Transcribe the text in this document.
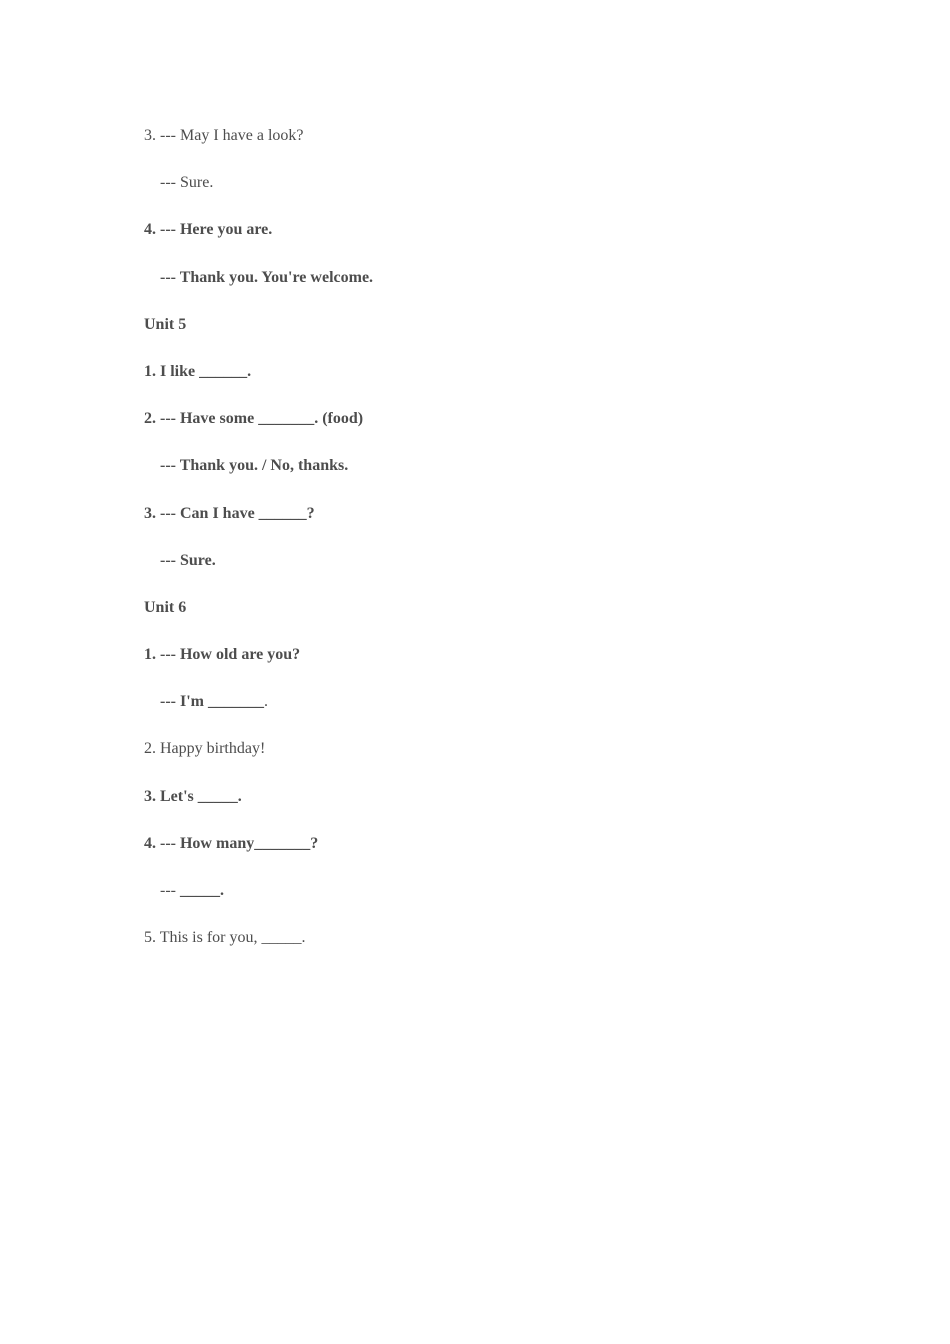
3. --- May I have a look?
--- Sure.
4. --- Here you are.
--- Thank you. You're welcome.
Unit 5
1. I like ______.
2. --- Have some _______. (food)
--- Thank you. / No, thanks.
3. --- Can I have ______?
--- Sure.
Unit 6
1. --- How old are you?
--- I'm _______.
2. Happy birthday!
3. Let's _____.
4. --- How many_______?
--- _____.
5. This is for you, _____.
